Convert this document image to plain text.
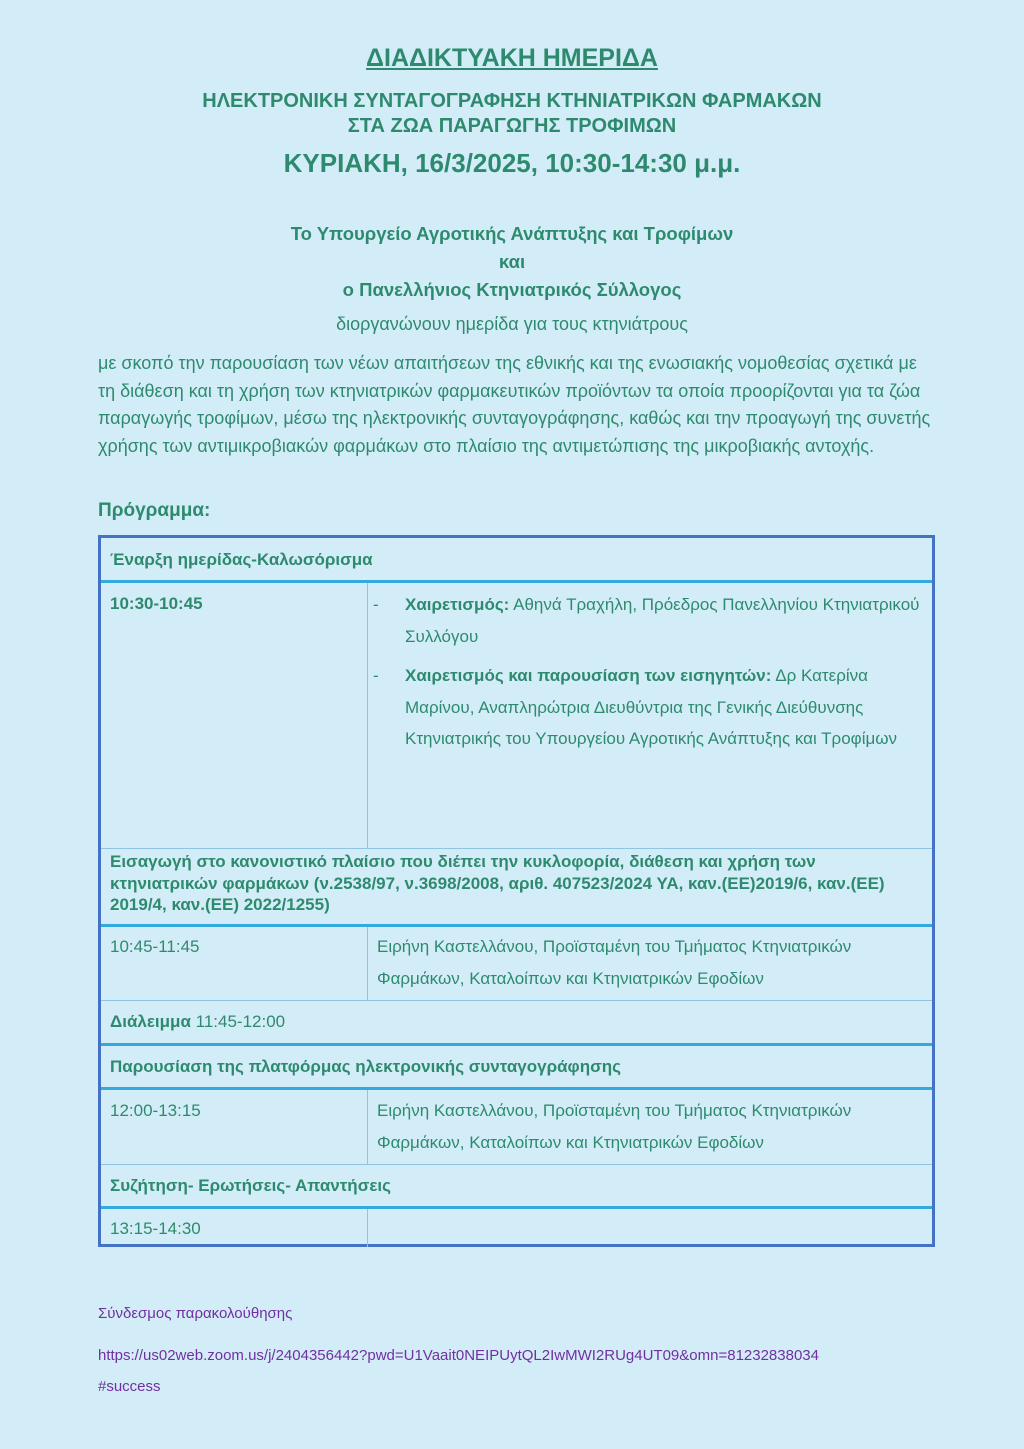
ΔΙΑΔΙΚΤΥΑΚΗ ΗΜΕΡΙΔΑ
ΗΛΕΚΤΡΟΝΙΚΗ ΣΥΝΤΑΓΟΓΡΑΦΗΣΗ ΚΤΗΝΙΑΤΡΙΚΩΝ ΦΑΡΜΑΚΩΝ
ΣΤΑ ΖΩΑ ΠΑΡΑΓΩΓΗΣ ΤΡΟΦΙΜΩΝ
ΚΥΡΙΑΚΗ, 16/3/2025, 10:30-14:30 μ.μ.
Το Υπουργείο Αγροτικής Ανάπτυξης και Τροφίμων
και
ο Πανελλήνιος Κτηνιατρικός Σύλλογος
διοργανώνουν ημερίδα για τους κτηνιάτρους
με σκοπό την παρουσίαση των νέων απαιτήσεων της εθνικής και της ενωσιακής νομοθεσίας σχετικά με τη διάθεση και τη χρήση των κτηνιατρικών φαρμακευτικών προϊόντων τα οποία προορίζονται για τα ζώα παραγωγής τροφίμων, μέσω της ηλεκτρονικής συνταγογράφησης, καθώς και την προαγωγή της συνετής χρήσης των αντιμικροβιακών φαρμάκων στο πλαίσιο της αντιμετώπισης της μικροβιακής αντοχής.
Πρόγραμμα:
Έναρξη ημερίδας-Καλωσόρισμα
10:30-10:45	- Χαιρετισμός: Αθηνά Τραχήλη, Πρόεδρος Πανελληνίου Κτηνιατρικού Συλλόγου
- Χαιρετισμός και παρουσίαση των εισηγητών: Δρ Κατερίνα Μαρίνου, Αναπληρώτρια Διευθύντρια της Γενικής Διεύθυνσης Κτηνιατρικής του Υπουργείου Αγροτικής Ανάπτυξης και Τροφίμων
Εισαγωγή στο κανονιστικό πλαίσιο που διέπει την κυκλοφορία, διάθεση και χρήση των κτηνιατρικών φαρμάκων (ν.2538/97, ν.3698/2008, αριθ. 407523/2024 ΥΑ, καν.(ΕΕ)2019/6, καν.(ΕΕ) 2019/4, καν.(ΕΕ) 2022/1255)
10:45-11:45	Ειρήνη Καστελλάνου, Προϊσταμένη του Τμήματος Κτηνιατρικών Φαρμάκων, Καταλοίπων και Κτηνιατρικών Εφοδίων
Διάλειμμα 11:45-12:00
Παρουσίαση της πλατφόρμας ηλεκτρονικής συνταγογράφησης
12:00-13:15	Ειρήνη Καστελλάνου, Προϊσταμένη του Τμήματος Κτηνιατρικών Φαρμάκων, Καταλοίπων και Κτηνιατρικών Εφοδίων
Συζήτηση- Ερωτήσεις- Απαντήσεις
13:15-14:30
Σύνδεσμος παρακολούθησης
https://us02web.zoom.us/j/2404356442?pwd=U1Vaait0NEIPUytQL2IwMWI2RUg4UT09&omn=81232838034
#success
